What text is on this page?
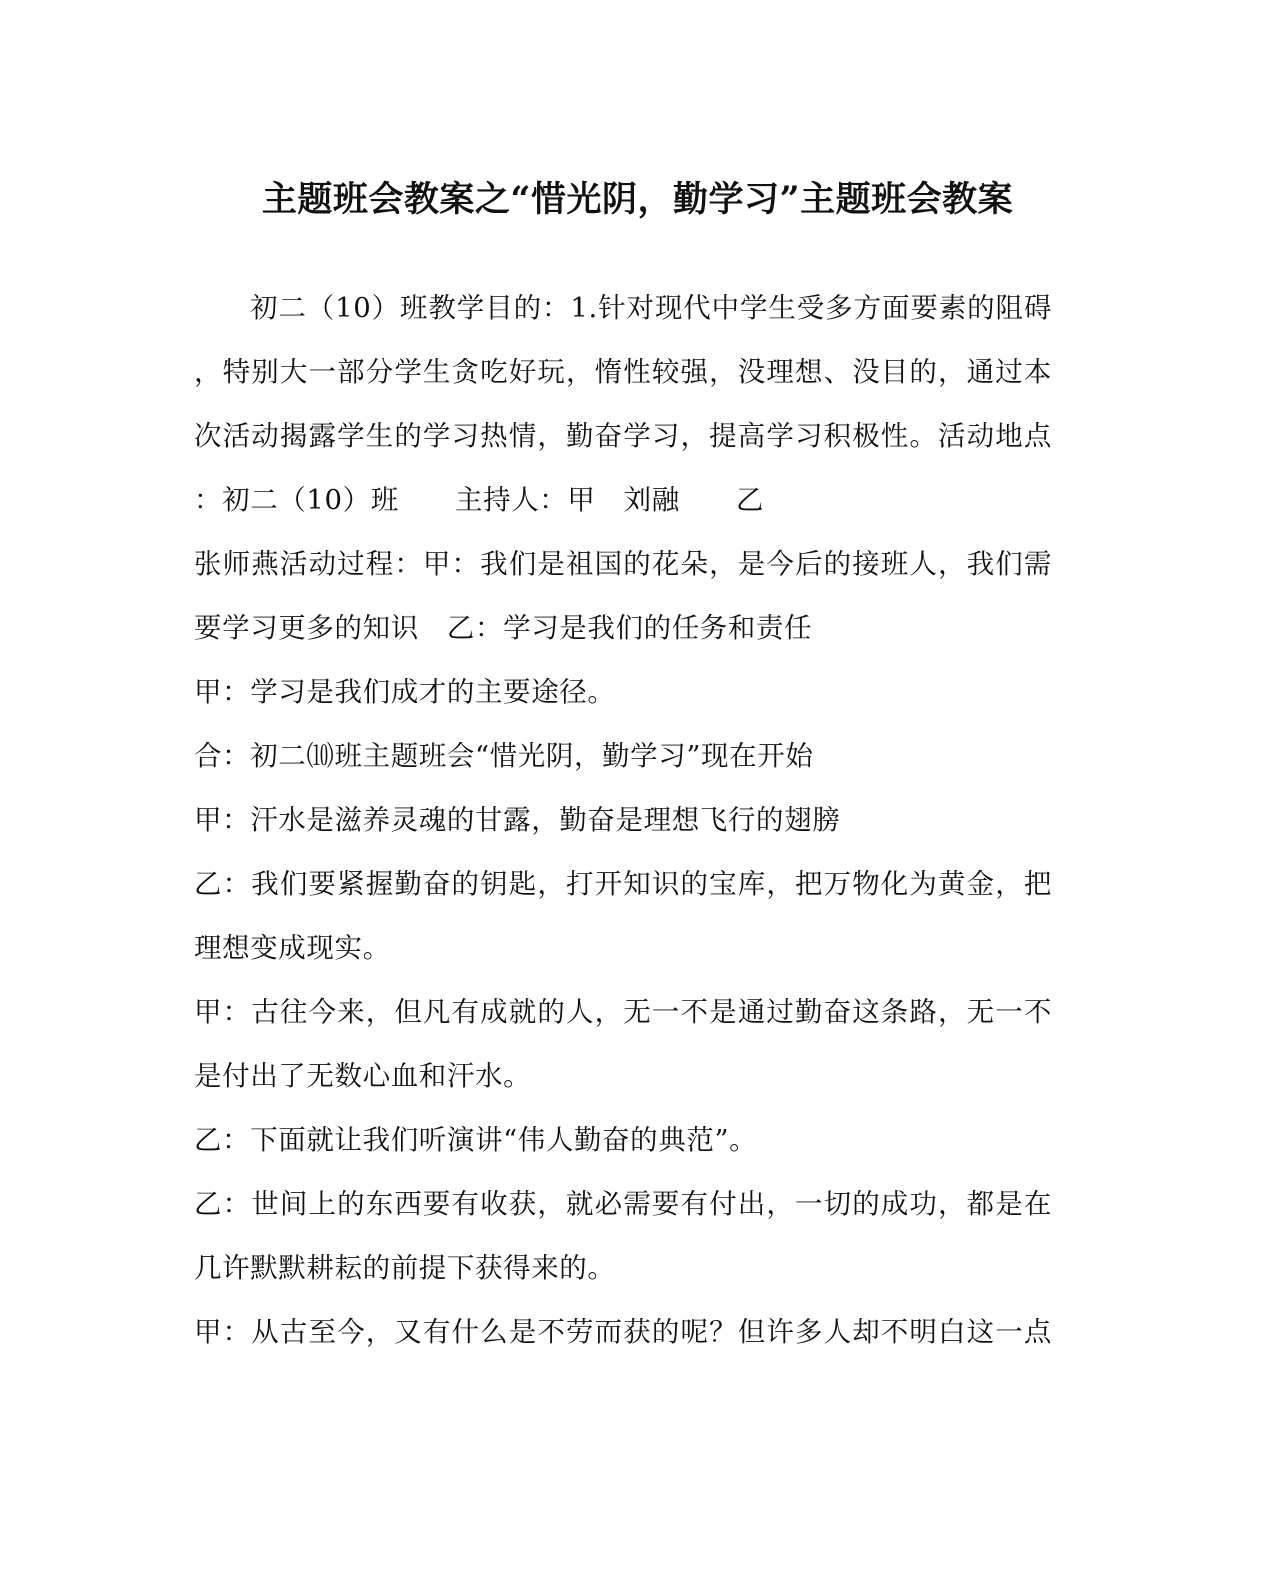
主题班会教案之“惜光阴，勤学习”主题班会教案
初二（10）班教学目的：1.针对现代中学生受多方面要素的阻碍
，特别大一部分学生贪吃好玩，惰性较强，没理想、没目的，通过本
次活动揭露学生的学习热情，勤奋学习，提高学习积极性。活动地点
：初二（10）班　　主持人：甲　刘融　　乙
张师燕活动过程：甲：我们是祖国的花朵，是今后的接班人，我们需
要学习更多的知识　乙：学习是我们的任务和责任
甲：学习是我们成才的主要途径。
合：初二⑽班主题班会“惜光阴，勤学习”现在开始
甲：汗水是滋养灵魂的甘露，勤奋是理想飞行的翅膀
乙：我们要紧握勤奋的钥匙，打开知识的宝库，把万物化为黄金，把
理想变成现实。
甲：古往今来，但凡有成就的人，无一不是通过勤奋这条路，无一不
是付出了无数心血和汗水。
乙：下面就让我们听演讲“伟人勤奋的典范”。
乙：世间上的东西要有收获，就必需要有付出，一切的成功，都是在
几许默默耕耘的前提下获得来的。
甲：从古至今，又有什么是不劳而获的呢？但许多人却不明白这一点
